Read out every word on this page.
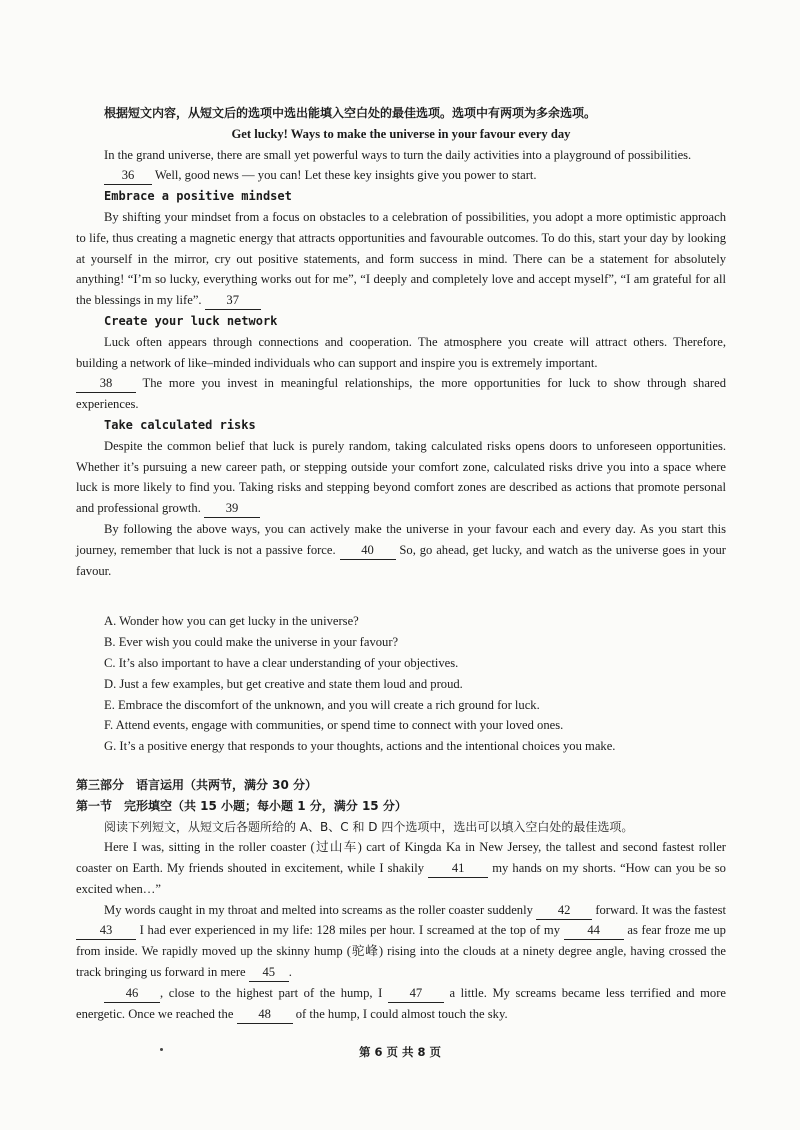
根据短文内容，从短文后的选项中选出能填入空白处的最佳选项。选项中有两项为多余选项。

Get lucky! Ways to make the universe in your favour every day

In the grand universe, there are small yet powerful ways to turn the daily activities into a playground of possibilities.

36 Well, good news — you can! Let these key insights give you power to start.

Embrace a positive mindset

By shifting your mindset from a focus on obstacles to a celebration of possibilities, you adopt a more optimistic approach to life, thus creating a magnetic energy that attracts opportunities and favourable outcomes. To do this, start your day by looking at yourself in the mirror, cry out positive statements, and form success in mind. There can be a statement for absolutely anything! “I’m so lucky, everything works out for me”, “I deeply and completely love and accept myself”, “I am grateful for all the blessings in my life”. 37

Create your luck network

Luck often appears through connections and cooperation. The atmosphere you create will attract others. Therefore, building a network of like–minded individuals who can support and inspire you is extremely important.

38 The more you invest in meaningful relationships, the more opportunities for luck to show through shared experiences.

Take calculated risks

Despite the common belief that luck is purely random, taking calculated risks opens doors to unforeseen opportunities. Whether it’s pursuing a new career path, or stepping outside your comfort zone, calculated risks drive you into a space where luck is more likely to find you. Taking risks and stepping beyond comfort zones are described as actions that promote personal and professional growth. 39

By following the above ways, you can actively make the universe in your favour each and every day. As you start this journey, remember that luck is not a passive force. 40 So, go ahead, get lucky, and watch as the universe goes in your favour.

A. Wonder how you can get lucky in the universe?

B. Ever wish you could make the universe in your favour?

C. It’s also important to have a clear understanding of your objectives.

D. Just a few examples, but get creative and state them loud and proud.

E. Embrace the discomfort of the unknown, and you will create a rich ground for luck.

F. Attend events, engage with communities, or spend time to connect with your loved ones.

G. It’s a positive energy that responds to your thoughts, actions and the intentional choices you make.

第三部分　语言运用（共两节，满分 30 分）

第一节　完形填空（共 15 小题；每小题 1 分，满分 15 分）

阅读下列短文，从短文后各题所给的 A、B、C 和 D 四个选项中，选出可以填入空白处的最佳选项。

Here I was, sitting in the roller coaster (过山车) cart of Kingda Ka in New Jersey, the tallest and second fastest roller coaster on Earth. My friends shouted in excitement, while I shakily 41 my hands on my shorts. “How can you be so excited when…”

My words caught in my throat and melted into screams as the roller coaster suddenly 42 forward. It was the fastest 43 I had ever experienced in my life: 128 miles per hour. I screamed at the top of my 44 as fear froze me up from inside. We rapidly moved up the skinny hump (驼峰) rising into the clouds at a ninety degree angle, having crossed the track bringing us forward in mere 45 .

46 , close to the highest part of the hump, I 47 a little. My screams became less terrified and more energetic. Once we reached the 48 of the hump, I could almost touch the sky.

第 6 页 共 8 页
